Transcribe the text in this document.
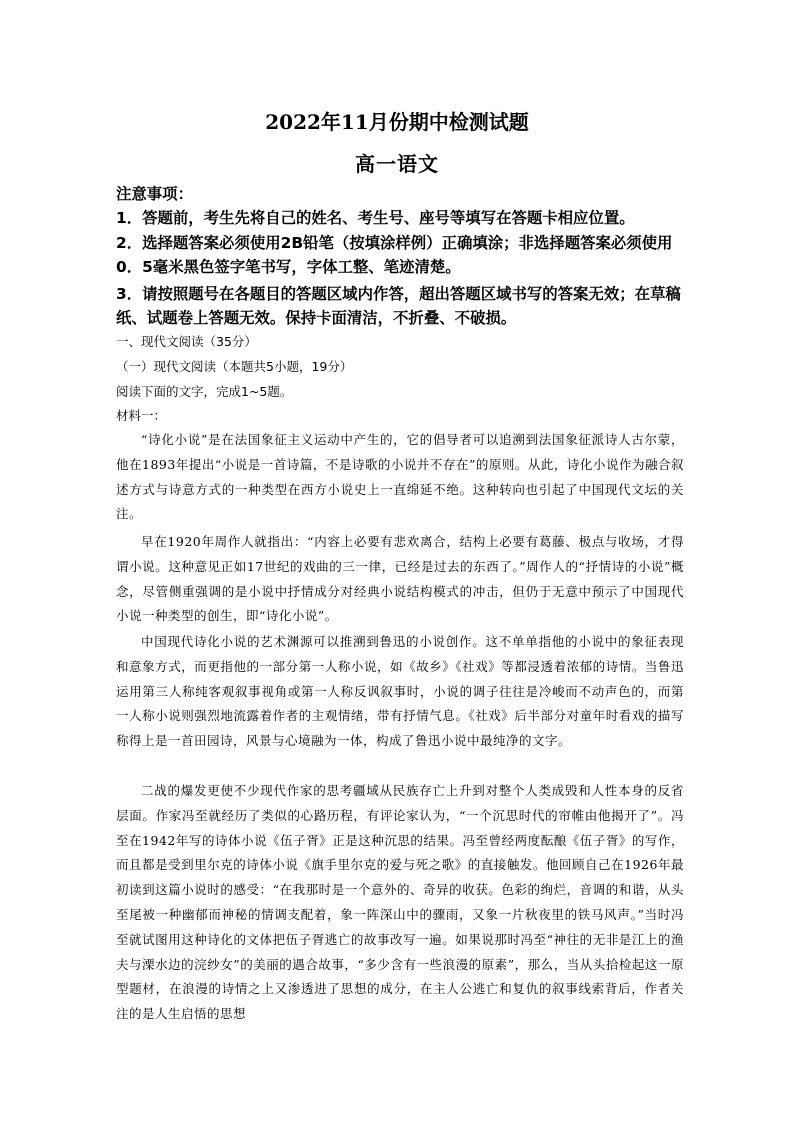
2022年11月份期中检测试题
高一语文

注意事项：

1．答题前，考生先将自己的姓名、考生号、座号等填写在答题卡相应位置。

2．选择题答案必须使用2B铅笔（按填涂样例）正确填涂；非选择题答案必须使用0．5毫米黑色签字笔书写，字体工整、笔迹清楚。

3．请按照题号在各题目的答题区域内作答，超出答题区域书写的答案无效；在草稿纸、试题卷上答题无效。保持卡面清洁，不折叠、不破损。

一、现代文阅读（35分）

（一）现代文阅读（本题共5小题，19分）

阅读下面的文字，完成1~5题。

材料一：

“诗化小说”是在法国象征主义运动中产生的，它的倡导者可以追溯到法国象征派诗人古尔蒙，他在1893年提出“小说是一首诗篇，不是诗歌的小说并不存在”的原则。从此，诗化小说作为融合叙述方式与诗意方式的一种类型在西方小说史上一直绵延不绝。这种转向也引起了中国现代文坛的关注。

早在1920年周作人就指出：“内容上必要有悲欢离合，结构上必要有葛藤、极点与收场，才得谓小说。这种意见正如17世纪的戏曲的三一律，已经是过去的东西了。”周作人的“抒情诗的小说”概念，尽管侧重强调的是小说中抒情成分对经典小说结构模式的冲击，但仍于无意中预示了中国现代小说一种类型的创生，即“诗化小说”。

中国现代诗化小说的艺术渊源可以推溯到鲁迅的小说创作。这不单单指他的小说中的象征表现和意象方式，而更指他的一部分第一人称小说，如《故乡》《社戏》等都浸透着浓郁的诗情。当鲁迅运用第三人称纯客观叙事视角或第一人称反讽叙事时，小说的调子往往是冷峻而不动声色的，而第一人称小说则强烈地流露着作者的主观情绪，带有抒情气息。《社戏》后半部分对童年时看戏的描写称得上是一首田园诗，风景与心境融为一体，构成了鲁迅小说中最纯净的文字。

二战的爆发更使不少现代作家的思考疆域从民族存亡上升到对整个人类成毁和人性本身的反省层面。作家冯至就经历了类似的心路历程，有评论家认为，“一个沉思时代的帘帷由他揭开了”。冯至在1942年写的诗体小说《伍子胥》正是这种沉思的结果。冯至曾经两度酝酿《伍子胥》的写作，而且都是受到里尔克的诗体小说《旗手里尔克的爱与死之歌》的直接触发。他回顾自己在1926年最初读到这篇小说时的感受：“在我那时是一个意外的、奇异的收获。色彩的绚烂，音调的和谐，从头至尾被一种幽郁而神秘的情调支配着，象一阵深山中的骤雨，又象一片秋夜里的铁马风声。”当时冯至就试图用这种诗化的文体把伍子胥逃亡的故事改写一遍。如果说那时冯至“神往的无非是江上的渔夫与溧水边的浣纱女”的美丽的遇合故事，“多少含有一些浪漫的原素”，那么，当从头拾检起这一原型题材，在浪漫的诗情之上又渗透进了思想的成分，在主人公逃亡和复仇的叙事线索背后，作者关注的是人生启悟的思想
